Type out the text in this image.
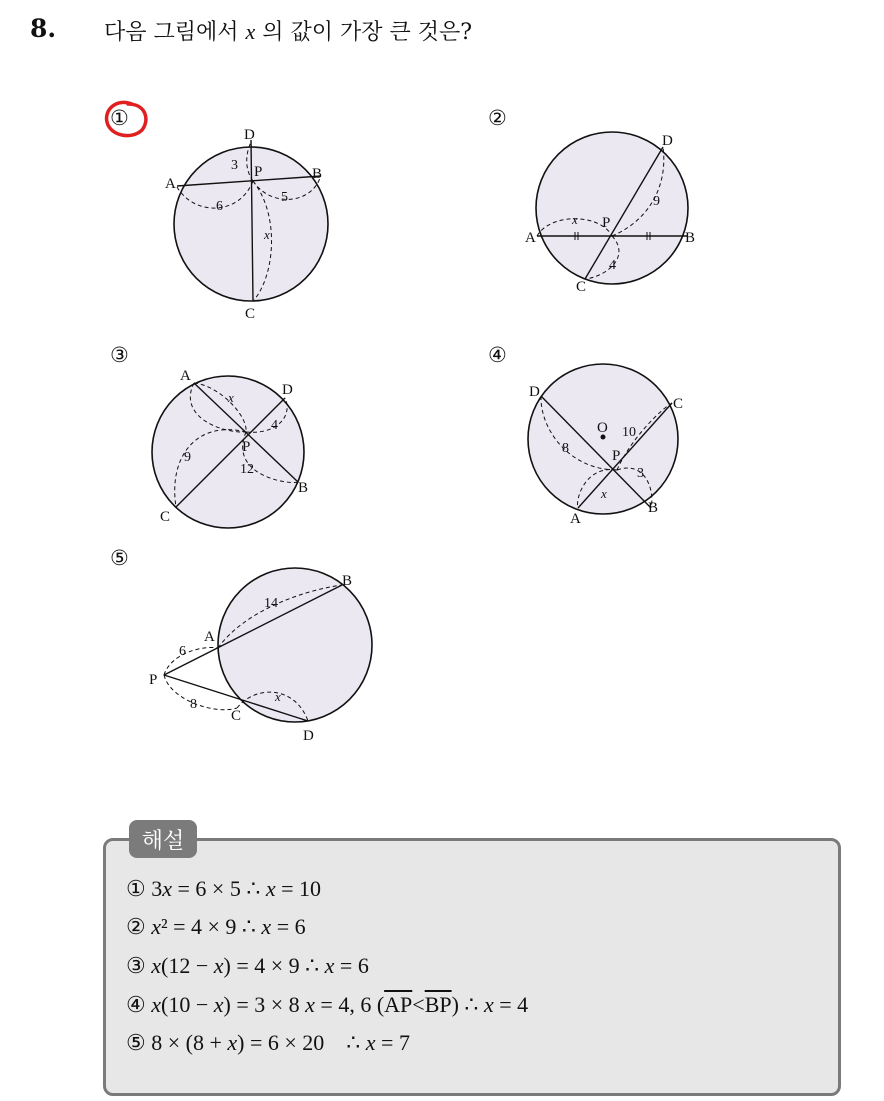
8. 다음 그림에서 x 의 값이 가장 큰 것은?
①	②
③	④
⑤
D
C
A
B
P
3
6
5
x
D
A	B
C
P
x
9
4
A
D
B
C
P
x
4
9
12
D
C
O
P
A
B
10
8
3
x
B
A
P
C
D
14
6
8
x
해설
① 3x = 6 × 5 ∴ x = 10
② x² = 4 × 9 ∴ x = 6
③ x(12 − x) = 4 × 9 ∴ x = 6
④ x(10 − x) = 3 × 8 x = 4, 6 $(\overline{AP}<\overline{BP})$ ∴ x = 4
⑤ 8 × (8 + x) = 6 × 20    ∴ x = 7
